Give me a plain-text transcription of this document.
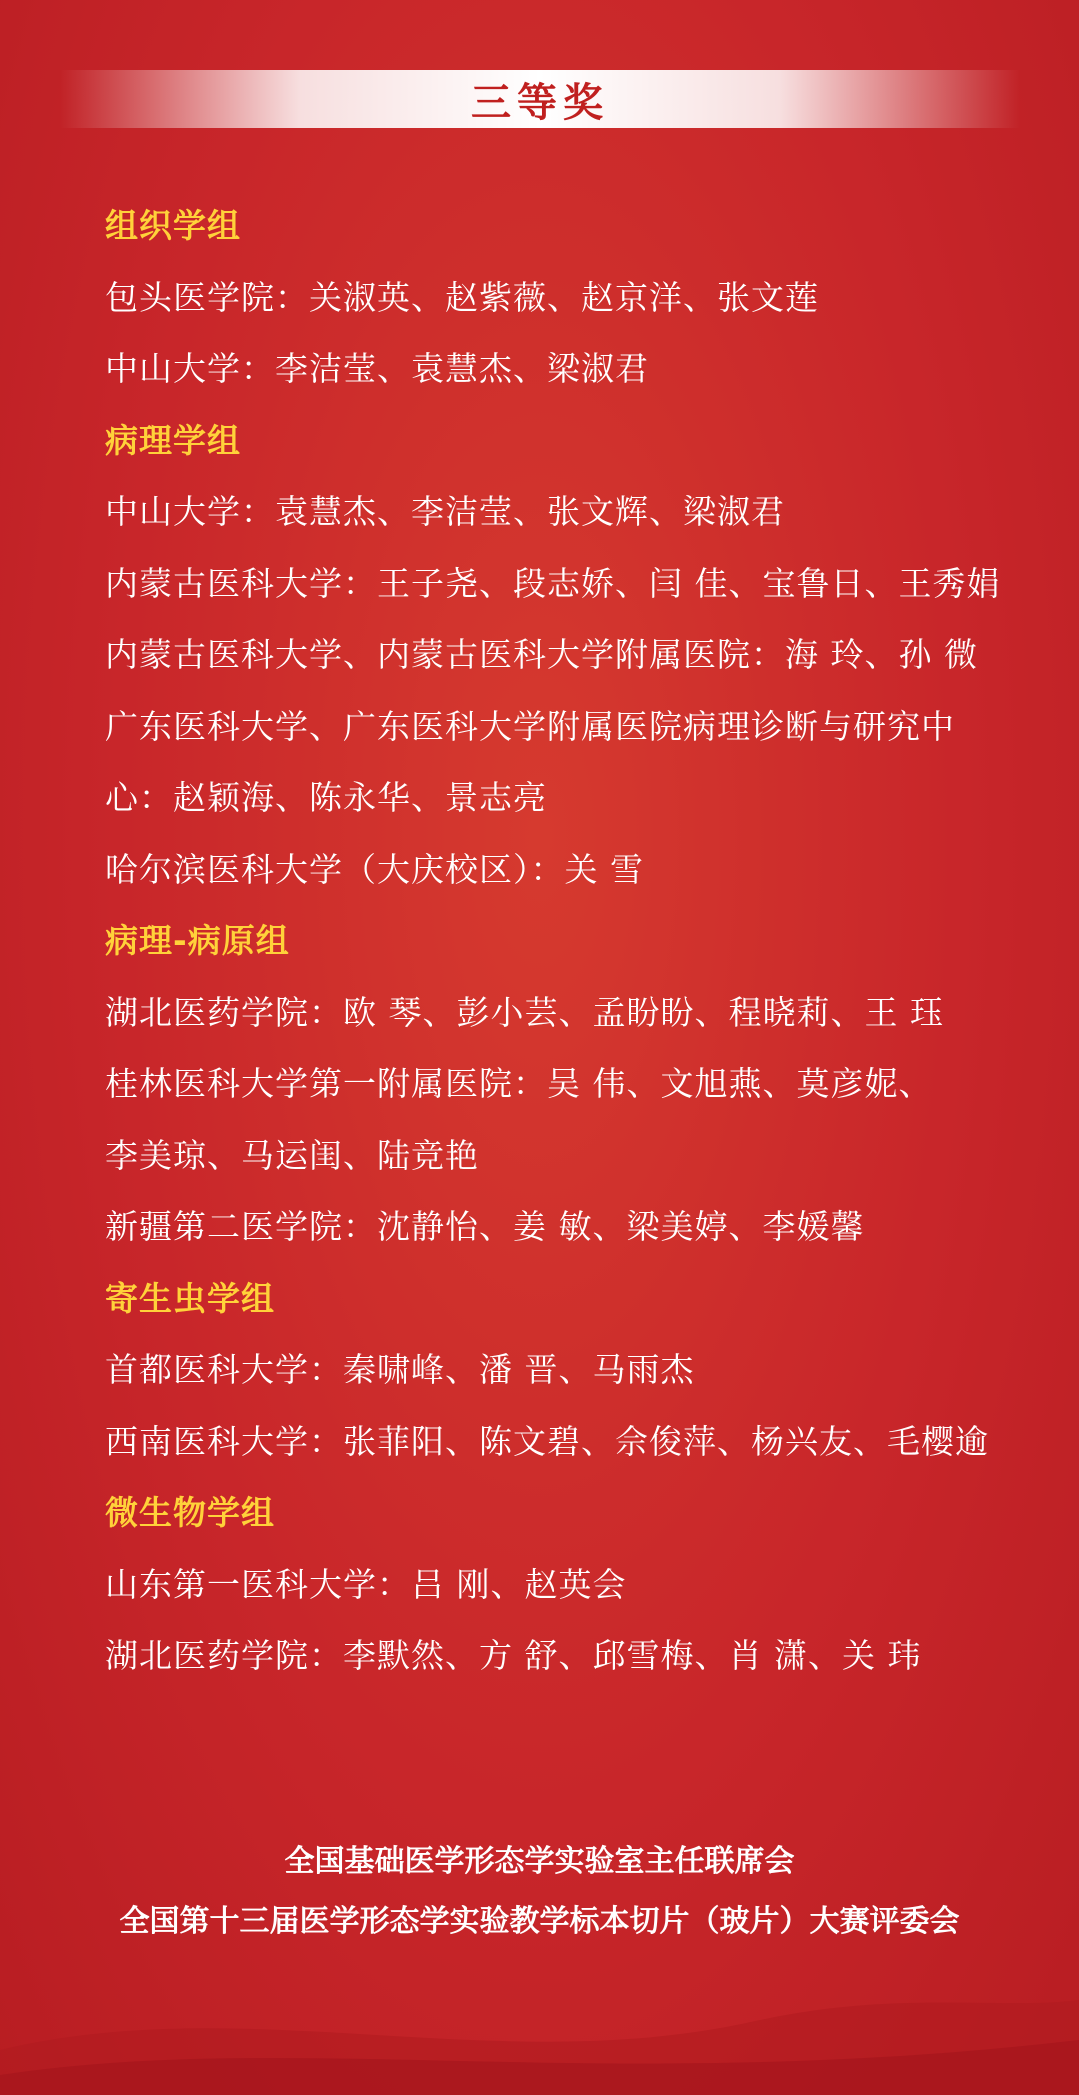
三等奖
组织学组
包头医学院：关淑英、赵紫薇、赵京洋、张文莲
中山大学：李洁莹、袁慧杰、梁淑君
病理学组
中山大学：袁慧杰、李洁莹、张文辉、梁淑君
内蒙古医科大学：王子尧、段志娇、闫 佳、宝鲁日、王秀娟
内蒙古医科大学、内蒙古医科大学附属医院：海 玲、孙 微
广东医科大学、广东医科大学附属医院病理诊断与研究中
心：赵颖海、陈永华、景志亮
哈尔滨医科大学（大庆校区）：关 雪
病理-病原组
湖北医药学院：欧 琴、彭小芸、孟盼盼、程晓莉、王 珏
桂林医科大学第一附属医院：吴 伟、文旭燕、莫彦妮、
李美琼、马运闺、陆竞艳
新疆第二医学院：沈静怡、姜 敏、梁美婷、李媛馨
寄生虫学组
首都医科大学：秦啸峰、潘 晋、马雨杰
西南医科大学：张菲阳、陈文碧、佘俊萍、杨兴友、毛樱逾
微生物学组
山东第一医科大学：吕 刚、赵英会
湖北医药学院：李默然、方 舒、邱雪梅、肖 潇、关 玮
全国基础医学形态学实验室主任联席会
全国第十三届医学形态学实验教学标本切片（玻片）大赛评委会
